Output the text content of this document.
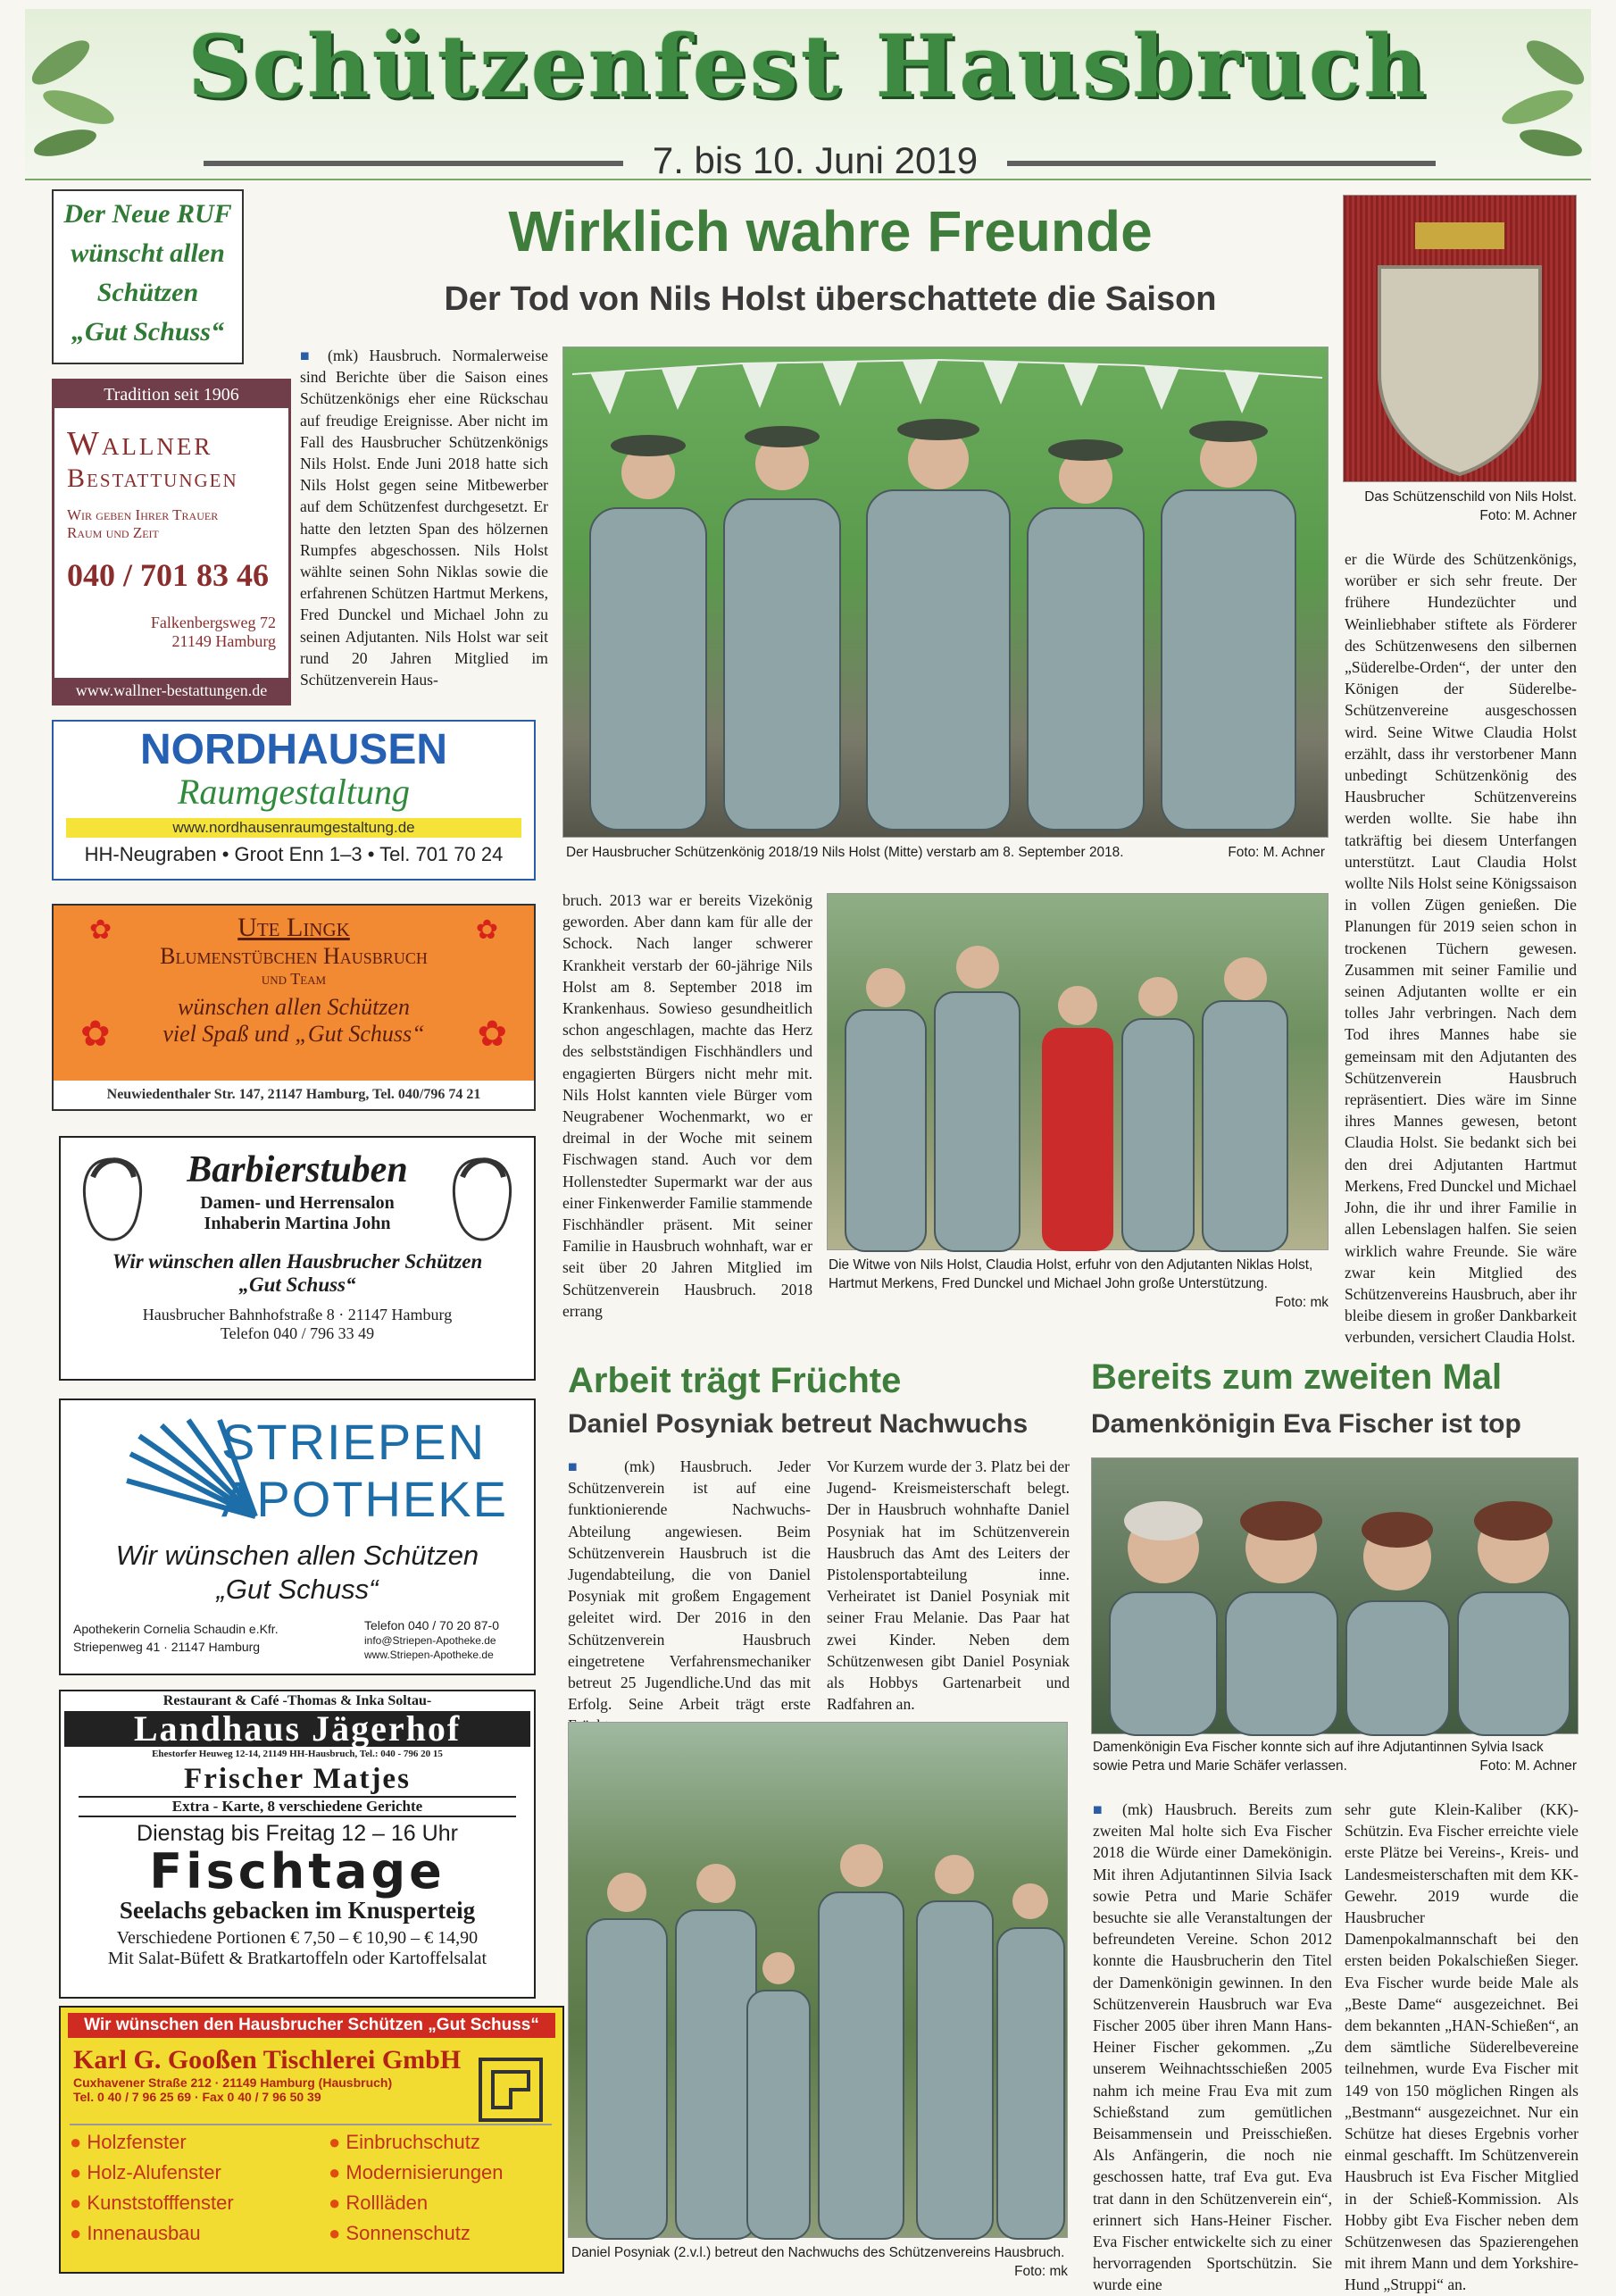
Schützenfest Hausbruch
7. bis 10. Juni 2019
Der Neue RUF
wünscht allen
Schützen
„Gut Schuss“
Tradition seit 1906
Wallner
Bestattungen
Wir geben Ihrer Trauer
Raum und Zeit
040 / 701 83 46
Falkenbergsweg 72
21149 Hamburg
www.wallner-bestattungen.de
NORDHAUSEN
Raumgestaltung
www.nordhausenraumgestaltung.de
HH-Neugraben • Groot Enn 1–3 • Tel. 701 70 24
Ute Lingk
Blumenstübchen Hausbruch
und Team
wünschen allen Schützen
viel Spaß und „Gut Schuss“
Neuwiedenthaler Str. 147, 21147 Hamburg, Tel. 040/796 74 21
✿	✿
✿	✿
Barbierstuben
Damen- und Herrensalon
Inhaberin Martina John
Wir wünschen allen Hausbrucher Schützen
„Gut Schuss“
Hausbrucher Bahnhofstraße 8 · 21147 Hamburg
Telefon 040 / 796 33 49
STRIEPEN
APOTHEKE
Wir wünschen allen Schützen
„Gut Schuss“
Apothekerin Cornelia Schaudin e.Kfr.
Striepenweg 41 · 21147 Hamburg
Telefon 040 / 70 20 87-0
info@Striepen-Apotheke.de
www.Striepen-Apotheke.de
Restaurant & Café -Thomas & Inka Soltau-
Landhaus Jägerhof
Ehestorfer Heuweg 12-14, 21149 HH-Hausbruch, Tel.: 040 - 796 20 15
Frischer Matjes
Extra - Karte, 8 verschiedene Gerichte
Dienstag bis Freitag 12 – 16 Uhr
Fischtage
Seelachs gebacken im Knusperteig
Verschiedene Portionen € 7,50 – € 10,90 – € 14,90
Mit Salat-Büfett & Bratkartoffeln oder Kartoffelsalat
Wir wünschen den Hausbrucher Schützen „Gut Schuss“
Karl G. Gooßen Tischlerei GmbH
Cuxhavener Straße 212 · 21149 Hamburg (Hausbruch)
Tel. 0 40 / 7 96 25 69 · Fax 0 40 / 7 96 50 39
● Holzfenster	● Einbruchschutz
● Holz-Alufenster	● Modernisierungen
● Kunststofffenster	● Rollläden
● Innenausbau	● Sonnenschutz
Wirklich wahre Freunde
Der Tod von Nils Holst überschattete die Saison
■ (mk) Hausbruch. Normalerweise sind Berichte über die Saison eines Schützenkönigs eher eine Rückschau auf freudige Ereignisse. Aber nicht im Fall des Hausbrucher Schützenkönigs Nils Holst. Ende Juni 2018 hatte sich Nils Holst gegen seine Mitbewerber auf dem Schützenfest durchgesetzt. Er hatte den letzten Span des hölzernen Rumpfes abgeschossen. Nils Holst wählte seinen Sohn Niklas sowie die erfahrenen Schützen Hartmut Merkens, Fred Dunckel und Michael John zu seinen Adjutanten. Nils Holst war seit rund 20 Jahren Mitglied im Schützenverein Haus-
Der Hausbrucher Schützenkönig 2018/19 Nils Holst (Mitte) verstarb am 8. September 2018.	Foto: M. Achner
bruch. 2013 war er bereits Vizekönig geworden. Aber dann kam für alle der Schock. Nach langer schwerer Krankheit verstarb der 60-jährige Nils Holst am 8. September 2018 im Krankenhaus. Sowieso gesundheitlich schon angeschlagen, machte das Herz des selbstständigen Fischhändlers und engagierten Bürgers nicht mehr mit. Nils Holst kannten viele Bürger vom Neugrabener Wochenmarkt, wo er dreimal in der Woche mit seinem Fischwagen stand. Auch vor dem Hollenstedter Supermarkt war der aus einer Finkenwerder Familie stammende Fischhändler präsent. Mit seiner Familie in Hausbruch wohnhaft, war er seit über 20 Jahren Mitglied im Schützenverein Hausbruch. 2018 errang
Die Witwe von Nils Holst, Claudia Holst, erfuhr von den Adjutanten Niklas Holst, Hartmut Merkens, Fred Dunckel und Michael John große Unterstützung.
Foto: mk
Das Schützenschild von Nils Holst.
Foto: M. Achner
er die Würde des Schützenkönigs, worüber er sich sehr freute. Der frühere Hundezüchter und Weinliebhaber stiftete als Förderer des Schützenwesens den silbernen „Süderelbe-Orden“, der unter den Königen der Süderelbe-Schützenvereine ausgeschossen wird. Seine Witwe Claudia Holst erzählt, dass ihr verstorbener Mann unbedingt Schützenkönig des Hausbrucher Schützenvereins werden wollte. Sie habe ihn tatkräftig bei diesem Unterfangen unterstützt. Laut Claudia Holst wollte Nils Holst seine Königssaison in vollen Zügen genießen. Die Planungen für 2019 seien schon in trockenen Tüchern gewesen. Zusammen mit seiner Familie und seinen Adjutanten wollte er ein tolles Jahr verbringen. Nach dem Tod ihres Mannes habe sie gemeinsam mit den Adjutanten des Schützenverein Hausbruch repräsentiert. Dies wäre im Sinne ihres Mannes gewesen, betont Claudia Holst. Sie bedankt sich bei den drei Adjutanten Hartmut Merkens, Fred Dunckel und Michael John, die ihr und ihrer Familie in allen Lebenslagen halfen. Sie seien wirklich wahre Freunde. Sie wäre zwar kein Mitglied des Schützenvereins Hausbruch, aber ihr bleibe diesem in großer Dankbarkeit verbunden, versichert Claudia Holst.
Arbeit trägt Früchte
Daniel Posyniak betreut Nachwuchs
■ (mk) Hausbruch. Jeder Schützenverein ist auf eine funktionierende Nachwuchs-Abteilung angewiesen. Beim Schützenverein Hausbruch ist die Jugendabteilung, die von Daniel Posyniak mit großem Engagement geleitet wird. Der 2016 in den Schützenverein Hausbruch eingetretene Verfahrensmechaniker betreut 25 Jugendliche.Und das mit Erfolg. Seine Arbeit trägt erste
Vor Kurzem wurde der 3. Platz bei der Jugend- Kreismeisterschaft belegt. Der in Hausbruch wohnhafte Daniel Posyniak hat im Schützenverein Hausbruch das Amt des Leiters der Pistolensportabteilung inne. Verheiratet ist Daniel Posyniak mit seiner Frau Melanie. Das Paar hat zwei Kinder. Neben dem Schützenwesen gibt Daniel Posyniak als Hobbys Gartenarbeit und Radfahren an.
Daniel Posyniak (2.v.l.) betreut den Nachwuchs des Schützenvereins Hausbruch.
Foto: mk
Bereits zum zweiten Mal
Damenkönigin Eva Fischer ist top
Damenkönigin Eva Fischer konnte sich auf ihre Adjutantinnen Sylvia Isack sowie Petra und Marie Schäfer verlassen.	Foto: M. Achner
■ (mk) Hausbruch. Bereits zum zweiten Mal holte sich Eva Fischer 2018 die Würde einer Damekönigin. Mit ihren Adjutantinnen Silvia Isack sowie Petra und Marie Schäfer besuchte sie alle Veranstaltungen der befreundeten Vereine. Schon 2012 konnte die Hausbrucherin den Titel der Damenkönigin gewinnen. In den Schützenverein Hausbruch war Eva Fischer 2005 über ihren Mann Hans-Heiner Fischer gekommen. „Zu unserem Weihnachtsschießen 2005 nahm ich meine Frau Eva mit zum Schießstand zum gemütlichen Beisammensein und Preisschießen. Als Anfängerin, die noch nie geschossen hatte, traf Eva gut. Eva trat dann in den Schützenverein ein“, erinnert sich Hans-Heiner Fischer. Eva Fischer entwickelte sich zu einer hervorragenden Sportschützin. Sie wurde eine
sehr gute Klein-Kaliber (KK)-Schützin. Eva Fischer erreichte viele erste Plätze bei Vereins-, Kreis- und Landesmeisterschaften mit dem KK-Gewehr. 2019 wurde die Hausbrucher Damenpokalmannschaft bei den ersten beiden Pokalschießen Sieger. Eva Fischer wurde beide Male als „Beste Dame“ ausgezeichnet. Bei dem bekannten „HAN-Schießen“, an dem sämtliche Süderelbevereine teilnehmen, wurde Eva Fischer mit 149 von 150 möglichen Ringen als „Bestmann“ ausgezeichnet. Nur ein Schütze hat dieses Ergebnis vorher einmal geschafft. Im Schützenverein Hausbruch ist Eva Fischer Mitglied in der Schieß-Kommission. Als Hobby gibt Eva Fischer neben dem Schützenwesen das Spazierengehen mit ihrem Mann und dem Yorkshire-Hund „Struppi“ an.
